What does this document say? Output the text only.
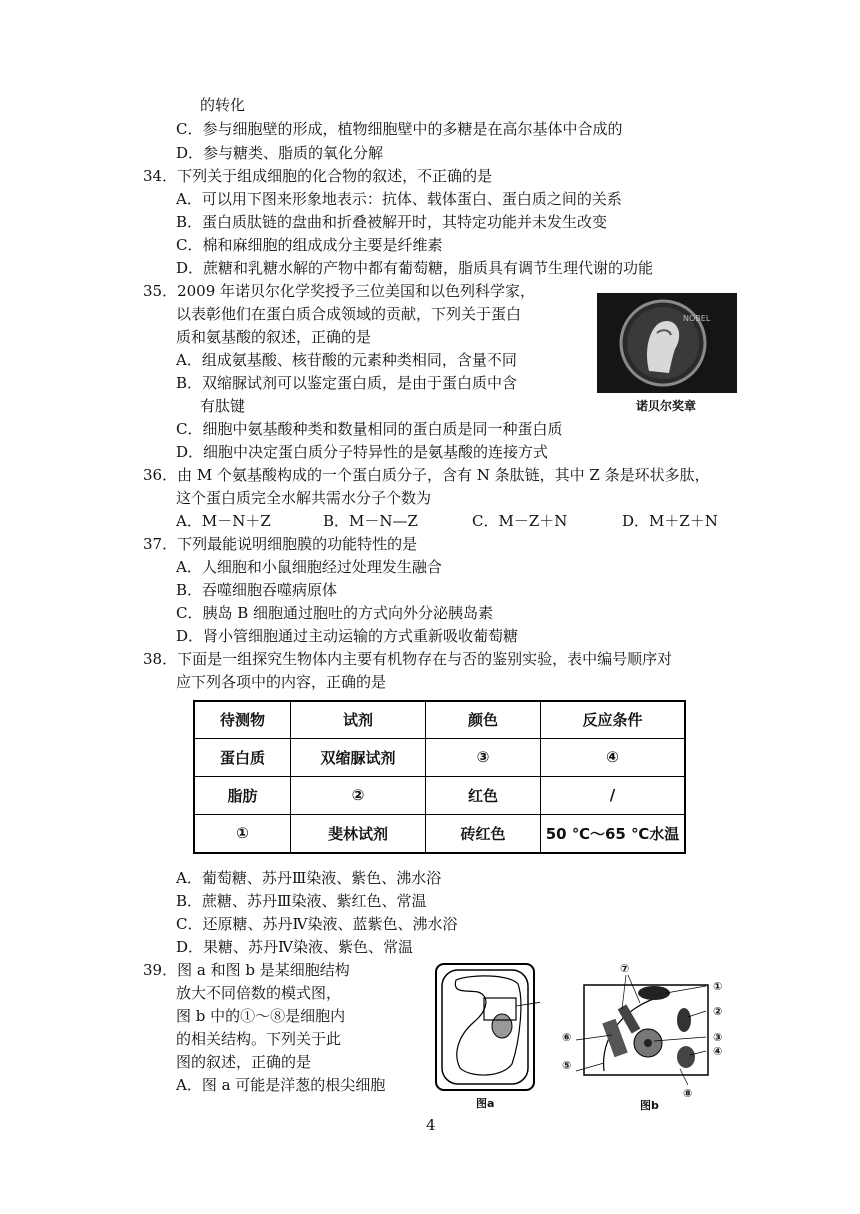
的转化
C．参与细胞壁的形成，植物细胞壁中的多糖是在高尔基体中合成的
D．参与糖类、脂质的氧化分解
34．下列关于组成细胞的化合物的叙述，不正确的是
A．可以用下图来形象地表示：抗体、载体蛋白、蛋白质之间的关系
B．蛋白质肽链的盘曲和折叠被解开时，其特定功能并未发生改变
C．棉和麻细胞的组成成分主要是纤维素
D．蔗糖和乳糖水解的产物中都有葡萄糖，脂质具有调节生理代谢的功能
35．2009 年诺贝尔化学奖授予三位美国和以色列科学家，
以表彰他们在蛋白质合成领域的贡献，下列关于蛋白
质和氨基酸的叙述，正确的是
A．组成氨基酸、核苷酸的元素种类相同，含量不同
B．双缩脲试剂可以鉴定蛋白质，是由于蛋白质中含
有肽键
C．细胞中氨基酸种类和数量相同的蛋白质是同一种蛋白质
D．细胞中决定蛋白质分子特异性的是氨基酸的连接方式
NOBEL
诺贝尔奖章
36．由 M 个氨基酸构成的一个蛋白质分子，含有 N 条肽链，其中 Z 条是环状多肽，
这个蛋白质完全水解共需水分子个数为
A．M－N＋Z	B．M－N—Z	C．M－Z＋N	D．M＋Z＋N
37．下列最能说明细胞膜的功能特性的是
A．人细胞和小鼠细胞经过处理发生融合
B．吞噬细胞吞噬病原体
C．胰岛 B 细胞通过胞吐的方式向外分泌胰岛素
D．肾小管细胞通过主动运输的方式重新吸收葡萄糖
38．下面是一组探究生物体内主要有机物存在与否的鉴别实验，表中编号顺序对
应下列各项中的内容，正确的是
待测物	试剂	颜色	反应条件
蛋白质	双缩脲试剂	③	④
脂肪	②	红色	/
①	斐林试剂	砖红色	50 ℃～65 ℃水温
A．葡萄糖、苏丹Ⅲ染液、紫色、沸水浴
B．蔗糖、苏丹Ⅲ染液、紫红色、常温
C．还原糖、苏丹Ⅳ染液、蓝紫色、沸水浴
D．果糖、苏丹Ⅳ染液、紫色、常温
39．图 a 和图 b 是某细胞结构
放大不同倍数的模式图，
图 b 中的①～⑧是细胞内
的相关结构。下列关于此
图的叙述，正确的是
A．图 a 可能是洋葱的根尖细胞
图a
①
②
③
④
⑤
⑥
⑦
⑧
图b
4
